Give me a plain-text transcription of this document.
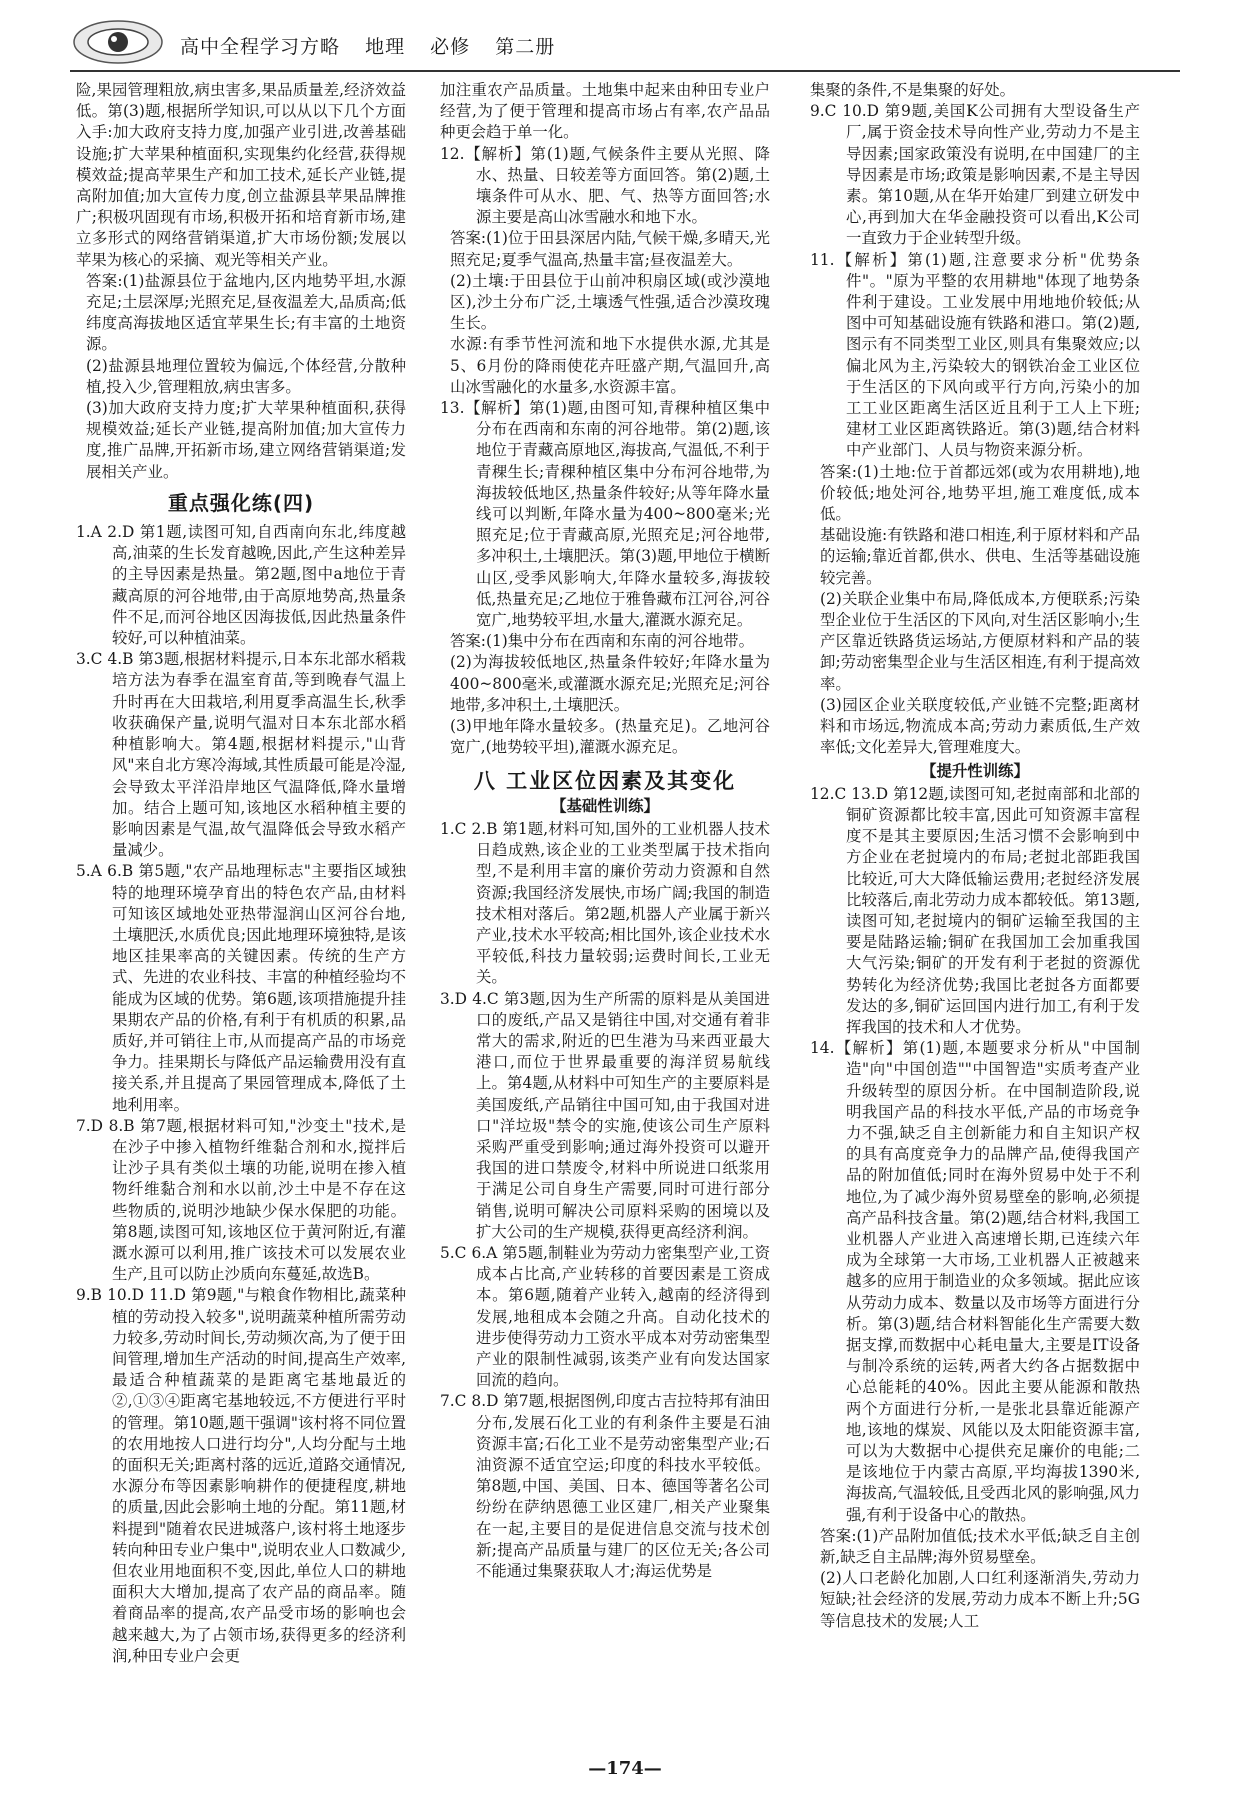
高中全程学习方略 地理 必修 第二册

险,果园管理粗放,病虫害多,果品质量差,经济效益低。第(3)题,根据所学知识,可以从以下几个方面入手:加大政府支持力度,加强产业引进,改善基础设施;扩大苹果种植面积,实现集约化经营,获得规模效益;提高苹果生产和加工技术,延长产业链,提高附加值;加大宣传力度,创立盐源县苹果品牌推广;积极巩固现有市场,积极开拓和培育新市场,建立多形式的网络营销渠道,扩大市场份额;发展以苹果为核心的采摘、观光等相关产业。

答案:(1)盐源县位于盆地内,区内地势平坦,水源充足;土层深厚;光照充足,昼夜温差大,品质高;低纬度高海拔地区适宜苹果生长;有丰富的土地资源。

(2)盐源县地理位置较为偏远,个体经营,分散种植,投入少,管理粗放,病虫害多。

(3)加大政府支持力度;扩大苹果种植面积,获得规模效益;延长产业链,提高附加值;加大宣传力度,推广品牌,开拓新市场,建立网络营销渠道;发展相关产业。

重点强化练(四)

1.A 2.D 第1题,读图可知,自西南向东北,纬度越高,油菜的生长发育越晚,因此,产生这种差异的主导因素是热量。第2题,图中a地位于青藏高原的河谷地带,由于高原地势高,热量条件不足,而河谷地区因海拔低,因此热量条件较好,可以种植油菜。

3.C 4.B 第3题,根据材料提示,日本东北部水稻栽培方法为春季在温室育苗,等到晚春气温上升时再在大田栽培,利用夏季高温生长,秋季收获确保产量,说明气温对日本东北部水稻种植影响大。第4题,根据材料提示,"山背风"来自北方寒冷海域,其性质最可能是冷湿,会导致太平洋沿岸地区气温降低,降水量增加。结合上题可知,该地区水稻种植主要的影响因素是气温,故气温降低会导致水稻产量减少。

5.A 6.B 第5题,"农产品地理标志"主要指区域独特的地理环境孕育出的特色农产品,由材料可知该区域地处亚热带湿润山区河谷台地,土壤肥沃,水质优良;因此地理环境独特,是该地区挂果率高的关键因素。传统的生产方式、先进的农业科技、丰富的种植经验均不能成为区域的优势。第6题,该项措施提升挂果期农产品的价格,有利于有机质的积累,品质好,并可销往上市,从而提高产品的市场竞争力。挂果期长与降低产品运输费用没有直接关系,并且提高了果园管理成本,降低了土地利用率。

7.D 8.B 第7题,根据材料可知,"沙变土"技术,是在沙子中掺入植物纤维黏合剂和水,搅拌后让沙子具有类似土壤的功能,说明在掺入植物纤维黏合剂和水以前,沙土中是不存在这些物质的,说明沙地缺少保水保肥的功能。第8题,读图可知,该地区位于黄河附近,有灌溉水源可以利用,推广该技术可以发展农业生产,且可以防止沙质向东蔓延,故选B。

9.B 10.D 11.D 第9题,"与粮食作物相比,蔬菜种植的劳动投入较多",说明蔬菜种植所需劳动力较多,劳动时间长,劳动频次高,为了便于田间管理,增加生产活动的时间,提高生产效率,最适合种植蔬菜的是距离宅基地最近的②,①③④距离宅基地较远,不方便进行平时的管理。第10题,题干强调"该村将不同位置的农用地按人口进行均分",人均分配与土地的面积无关;距离村落的远近,道路交通情况,水源分布等因素影响耕作的便捷程度,耕地的质量,因此会影响土地的分配。第11题,材料提到"随着农民进城落户,该村将土地逐步转向种田专业户集中",说明农业人口数减少,但农业用地面积不变,因此,单位人口的耕地面积大大增加,提高了农产品的商品率。随着商品率的提高,农产品受市场的影响也会越来越大,为了占领市场,获得更多的经济利润,种田专业户会更

加注重农产品质量。土地集中起来由种田专业户经营,为了便于管理和提高市场占有率,农产品品种更会趋于单一化。

12.【解析】第(1)题,气候条件主要从光照、降水、热量、日较差等方面回答。第(2)题,土壤条件可从水、肥、气、热等方面回答;水源主要是高山冰雪融水和地下水。

答案:(1)位于田县深居内陆,气候干燥,多晴天,光照充足;夏季气温高,热量丰富;昼夜温差大。

(2)土壤:于田县位于山前冲积扇区域(或沙漠地区),沙土分布广泛,土壤透气性强,适合沙漠玫瑰生长。

水源:有季节性河流和地下水提供水源,尤其是5、6月份的降雨使花卉旺盛产期,气温回升,高山冰雪融化的水量多,水资源丰富。

13.【解析】第(1)题,由图可知,青稞种植区集中分布在西南和东南的河谷地带。第(2)题,该地位于青藏高原地区,海拔高,气温低,不利于青稞生长;青稞种植区集中分布河谷地带,为海拔较低地区,热量条件较好;从等年降水量线可以判断,年降水量为400~800毫米;光照充足;位于青藏高原,光照充足;河谷地带,多冲积土,土壤肥沃。第(3)题,甲地位于横断山区,受季风影响大,年降水量较多,海拔较低,热量充足;乙地位于雅鲁藏布江河谷,河谷宽广,地势较平坦,水量大,灌溉水源充足。

答案:(1)集中分布在西南和东南的河谷地带。

(2)为海拔较低地区,热量条件较好;年降水量为400~800毫米,或灌溉水源充足;光照充足;河谷地带,多冲积土,土壤肥沃。

(3)甲地年降水量较多。(热量充足)。乙地河谷宽广,(地势较平坦),灌溉水源充足。

八 工业区位因素及其变化
【基础性训练】

1.C 2.B 第1题,材料可知,国外的工业机器人技术日趋成熟,该企业的工业类型属于技术指向型,不是利用丰富的廉价劳动力资源和自然资源;我国经济发展快,市场广阔;我国的制造技术相对落后。第2题,机器人产业属于新兴产业,技术水平较高;相比国外,该企业技术水平较低,科技力量较弱;运费时间长,工业无关。

3.D 4.C 第3题,因为生产所需的原料是从美国进口的废纸,产品又是销往中国,对交通有着非常大的需求,附近的巴生港为马来西亚最大港口,而位于世界最重要的海洋贸易航线上。第4题,从材料中可知生产的主要原料是美国废纸,产品销往中国可知,由于我国对进口"洋垃圾"禁令的实施,使该公司生产原料采购严重受到影响;通过海外投资可以避开我国的进口禁废令,材料中所说进口纸浆用于满足公司自身生产需要,同时可进行部分销售,说明可解决公司原料采购的困境以及扩大公司的生产规模,获得更高经济利润。

5.C 6.A 第5题,制鞋业为劳动力密集型产业,工资成本占比高,产业转移的首要因素是工资成本。第6题,随着产业转入,越南的经济得到发展,地租成本会随之升高。自动化技术的进步使得劳动力工资水平成本对劳动密集型产业的限制性减弱,该类产业有向发达国家回流的趋向。

7.C 8.D 第7题,根据图例,印度古吉拉特邦有油田分布,发展石化工业的有利条件主要是石油资源丰富;石化工业不是劳动密集型产业;石油资源不适宜空运;印度的科技水平较低。第8题,中国、美国、日本、德国等著名公司纷纷在萨纳恩德工业区建厂,相关产业聚集在一起,主要目的是促进信息交流与技术创新;提高产品质量与建厂的区位无关;各公司不能通过集聚获取人才;海运优势是

集聚的条件,不是集聚的好处。

9.C 10.D 第9题,美国K公司拥有大型设备生产厂,属于资金技术导向性产业,劳动力不是主导因素;国家政策没有说明,在中国建厂的主导因素是市场;政策是影响因素,不是主导因素。第10题,从在华开始建厂到建立研发中心,再到加大在华金融投资可以看出,K公司一直致力于企业转型升级。

11.【解析】第(1)题,注意要求分析"优势条件"。"原为平整的农用耕地"体现了地势条件利于建设。工业发展中用地地价较低;从图中可知基础设施有铁路和港口。第(2)题,图示有不同类型工业区,则具有集聚效应;以偏北风为主,污染较大的钢铁冶金工业区位于生活区的下风向或平行方向,污染小的加工工业区距离生活区近且利于工人上下班;建材工业区距离铁路近。第(3)题,结合材料中产业部门、人员与物资来源分析。

答案:(1)土地:位于首都远郊(或为农用耕地),地价较低;地处河谷,地势平坦,施工难度低,成本低。

基础设施:有铁路和港口相连,利于原材料和产品的运输;靠近首都,供水、供电、生活等基础设施较完善。

(2)关联企业集中布局,降低成本,方便联系;污染型企业位于生活区的下风向,对生活区影响小;生产区靠近铁路货运场站,方便原材料和产品的装卸;劳动密集型企业与生活区相连,有利于提高效率。

(3)园区企业关联度较低,产业链不完整;距离材料和市场远,物流成本高;劳动力素质低,生产效率低;文化差异大,管理难度大。

【提升性训练】

12.C 13.D 第12题,读图可知,老挝南部和北部的铜矿资源都比较丰富,因此可知资源丰富程度不是其主要原因;生活习惯不会影响到中方企业在老挝境内的布局;老挝北部距我国比较近,可大大降低输运费用;老挝经济发展比较落后,南北劳动力成本都较低。第13题,读图可知,老挝境内的铜矿运输至我国的主要是陆路运输;铜矿在我国加工会加重我国大气污染;铜矿的开发有利于老挝的资源优势转化为经济优势;我国比老挝各方面都要发达的多,铜矿运回国内进行加工,有利于发挥我国的技术和人才优势。

14.【解析】第(1)题,本题要求分析从"中国制造"向"中国创造""中国智造"实质考查产业升级转型的原因分析。在中国制造阶段,说明我国产品的科技水平低,产品的市场竞争力不强,缺乏自主创新能力和自主知识产权的具有高度竞争力的品牌产品,使得我国产品的附加值低;同时在海外贸易中处于不利地位,为了减少海外贸易壁垒的影响,必须提高产品科技含量。第(2)题,结合材料,我国工业机器人产业进入高速增长期,已连续六年成为全球第一大市场,工业机器人正被越来越多的应用于制造业的众多领域。据此应该从劳动力成本、数量以及市场等方面进行分析。第(3)题,结合材料智能化生产需要大数据支撑,而数据中心耗电量大,主要是IT设备与制冷系统的运转,两者大约各占据数据中心总能耗的40%。因此主要从能源和散热两个方面进行分析,一是张北县靠近能源产地,该地的煤炭、风能以及太阳能资源丰富,可以为大数据中心提供充足廉价的电能;二是该地位于内蒙古高原,平均海拔1390米,海拔高,气温较低,且受西北风的影响强,风力强,有利于设备中心的散热。

答案:(1)产品附加值低;技术水平低;缺乏自主创新,缺乏自主品牌;海外贸易壁垒。

(2)人口老龄化加剧,人口红利逐渐消失,劳动力短缺;社会经济的发展,劳动力成本不断上升;5G等信息技术的发展;人工

—174—
